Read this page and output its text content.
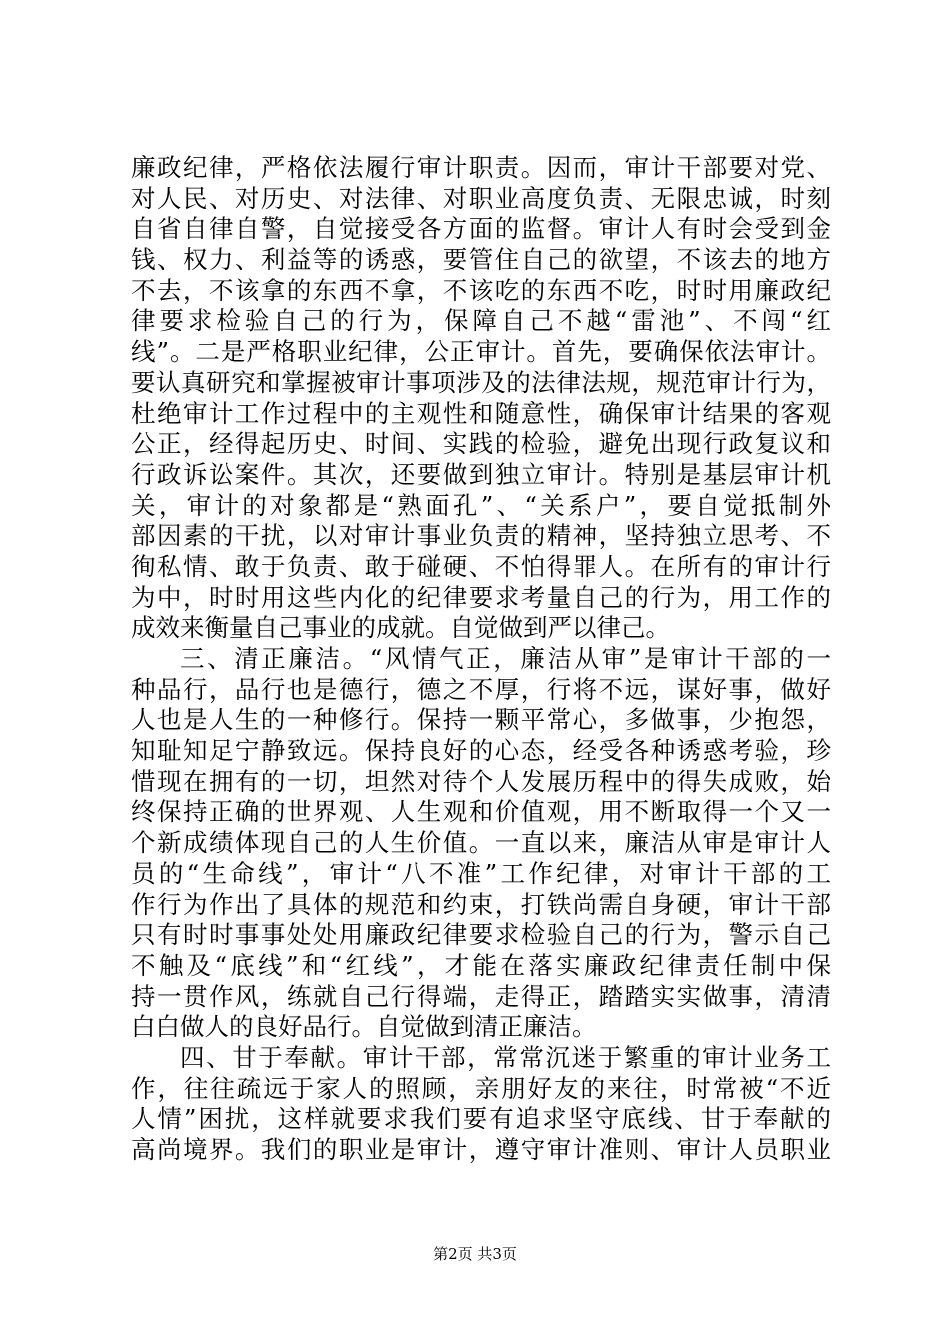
廉政纪律，严格依法履行审计职责。因而，审计干部要对党、
对人民、对历史、对法律、对职业高度负责、无限忠诚，时刻
自省自律自警，自觉接受各方面的监督。审计人有时会受到金
钱、权力、利益等的诱惑，要管住自己的欲望，不该去的地方
不去，不该拿的东西不拿，不该吃的东西不吃，时时用廉政纪
律要求检验自己的行为，保障自己不越“雷池”、不闯“红
线”。二是严格职业纪律，公正审计。首先，要确保依法审计。
要认真研究和掌握被审计事项涉及的法律法规，规范审计行为，
杜绝审计工作过程中的主观性和随意性，确保审计结果的客观
公正，经得起历史、时间、实践的检验，避免出现行政复议和
行政诉讼案件。其次，还要做到独立审计。特别是基层审计机
关，审计的对象都是“熟面孔”、“关系户”，要自觉抵制外
部因素的干扰，以对审计事业负责的精神，坚持独立思考、不
徇私情、敢于负责、敢于碰硬、不怕得罪人。在所有的审计行
为中，时时用这些内化的纪律要求考量自己的行为，用工作的
成效来衡量自己事业的成就。自觉做到严以律己。
三、清正廉洁。“风情气正，廉洁从审”是审计干部的一
种品行，品行也是德行，德之不厚，行将不远，谋好事，做好
人也是人生的一种修行。保持一颗平常心，多做事，少抱怨，
知耻知足宁静致远。保持良好的心态，经受各种诱惑考验，珍
惜现在拥有的一切，坦然对待个人发展历程中的得失成败，始
终保持正确的世界观、人生观和价值观，用不断取得一个又一
个新成绩体现自己的人生价值。一直以来，廉洁从审是审计人
员的“生命线”，审计“八不准”工作纪律，对审计干部的工
作行为作出了具体的规范和约束，打铁尚需自身硬，审计干部
只有时时事事处处用廉政纪律要求检验自己的行为，警示自己
不触及“底线”和“红线”，才能在落实廉政纪律责任制中保
持一贯作风，练就自己行得端，走得正，踏踏实实做事，清清
白白做人的良好品行。自觉做到清正廉洁。
四、甘于奉献。审计干部，常常沉迷于繁重的审计业务工
作，往往疏远于家人的照顾，亲朋好友的来往，时常被“不近
人情”困扰，这样就要求我们要有追求坚守底线、甘于奉献的
高尚境界。我们的职业是审计，遵守审计准则、审计人员职业
第2页 共3页
